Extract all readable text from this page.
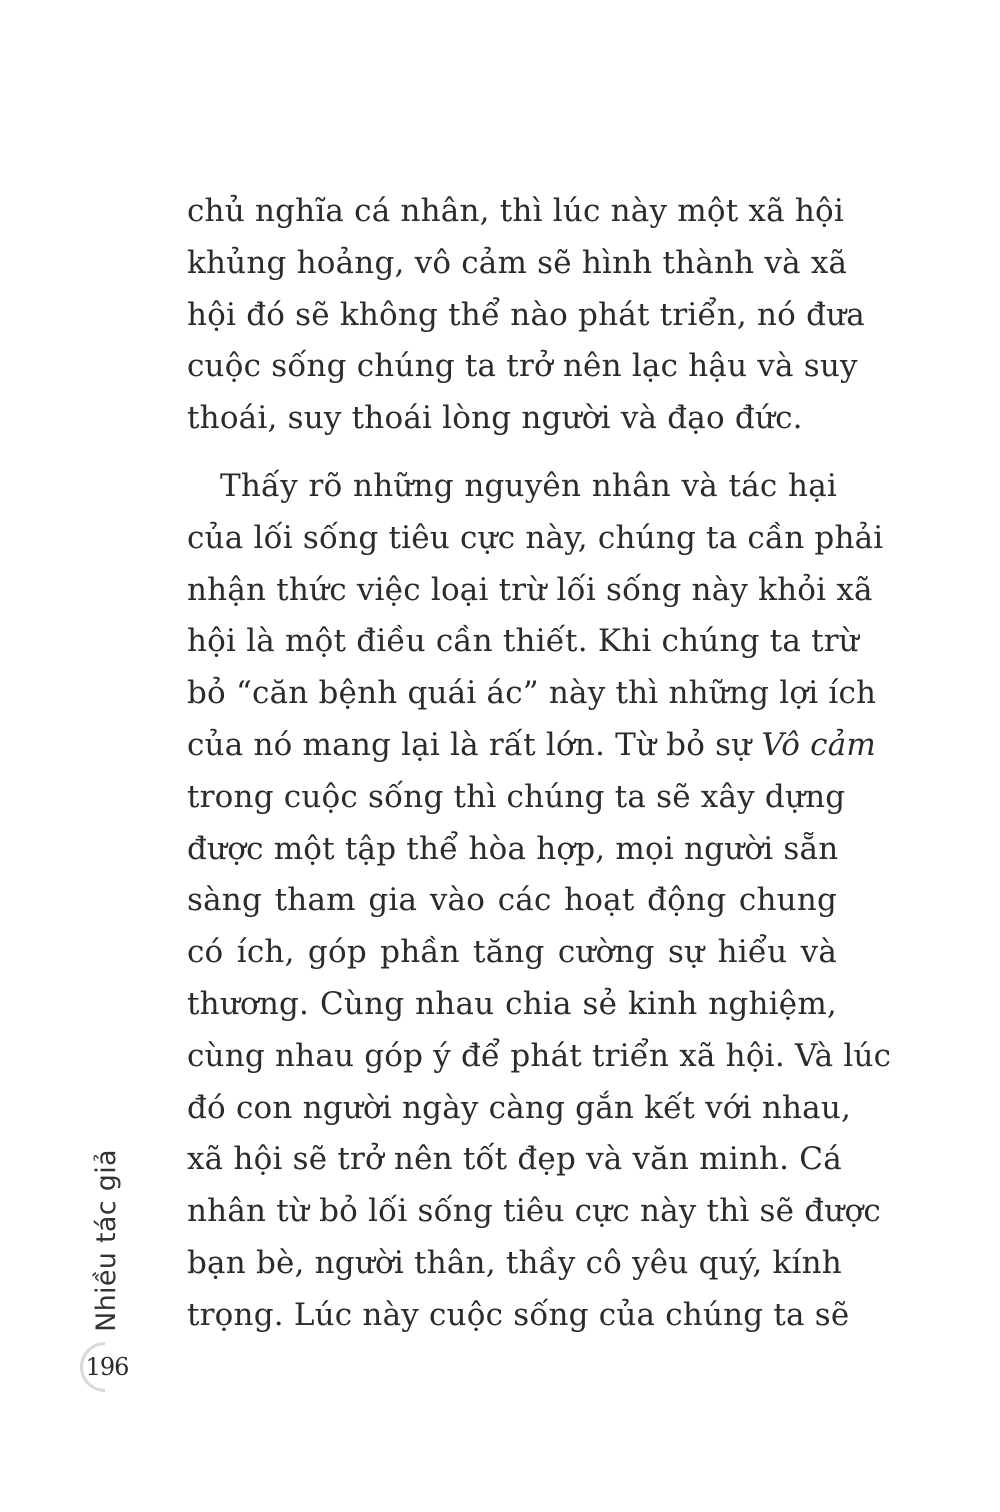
chủ nghĩa cá nhân, thì lúc này một xã hội
khủng hoảng, vô cảm sẽ hình thành và xã
hội đó sẽ không thể nào phát triển, nó đưa
cuộc sống chúng ta trở nên lạc hậu và suy
thoái, suy thoái lòng người và đạo đức.
Thấy rõ những nguyên nhân và tác hại
của lối sống tiêu cực này, chúng ta cần phải
nhận thức việc loại trừ lối sống này khỏi xã
hội là một điều cần thiết. Khi chúng ta trừ
bỏ “căn bệnh quái ác” này thì những lợi ích
của nó mang lại là rất lớn. Từ bỏ sự Vô cảm
trong cuộc sống thì chúng ta sẽ xây dựng
được một tập thể hòa hợp, mọi người sẵn
sàng tham gia vào các hoạt động chung
có ích, góp phần tăng cường sự hiểu và
thương. Cùng nhau chia sẻ kinh nghiệm,
cùng nhau góp ý để phát triển xã hội. Và lúc
đó con người ngày càng gắn kết với nhau,
xã hội sẽ trở nên tốt đẹp và văn minh. Cá
nhân từ bỏ lối sống tiêu cực này thì sẽ được
bạn bè, người thân, thầy cô yêu quý, kính
trọng. Lúc này cuộc sống của chúng ta sẽ
Nhiều tác giả
196
